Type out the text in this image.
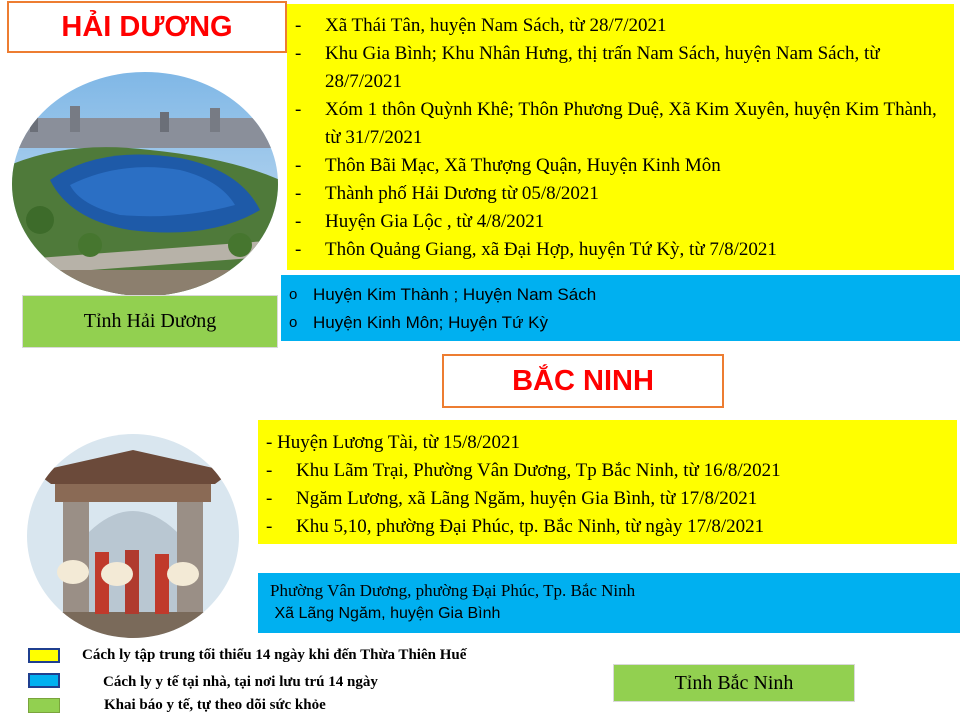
HẢI DƯƠNG
Tỉnh Hải Dương
- Xã Thái Tân, huyện Nam Sách, từ 28/7/2021
- Khu Gia Bình; Khu Nhân Hưng, thị trấn Nam Sách, huyện Nam Sách, từ 28/7/2021
- Xóm 1 thôn Quỳnh Khê; Thôn Phương Duệ, Xã Kim Xuyên, huyện Kim Thành, từ 31/7/2021
- Thôn Bãi Mạc, Xã Thượng Quận, Huyện Kinh Môn
- Thành phố Hải Dương từ 05/8/2021
- Huyện Gia Lộc , từ 4/8/2021
- Thôn Quảng Giang, xã Đại Hợp, huyện Tứ Kỳ, từ 7/8/2021
o Huyện Kim Thành ; Huyện Nam Sách
o Huyện Kinh Môn; Huyện Tứ Kỳ
BẮC NINH
- Huyện Lương Tài, từ 15/8/2021
- Khu Lãm Trại, Phường Vân Dương, Tp Bắc Ninh, từ 16/8/2021
- Ngăm Lương, xã Lãng Ngăm, huyện Gia Bình, từ 17/8/2021
- Khu 5,10, phường Đại Phúc, tp. Bắc Ninh, từ ngày 17/8/2021
Phường Vân Dương, phường Đại Phúc, Tp. Bắc Ninh
Xã Lãng Ngăm, huyện Gia Bình
Tỉnh Bắc Ninh
Cách ly tập trung tối thiểu 14 ngày khi đến Thừa Thiên Huế
Cách ly y tế tại nhà, tại nơi lưu trú 14 ngày
Khai báo y tế, tự theo dõi sức khỏe
